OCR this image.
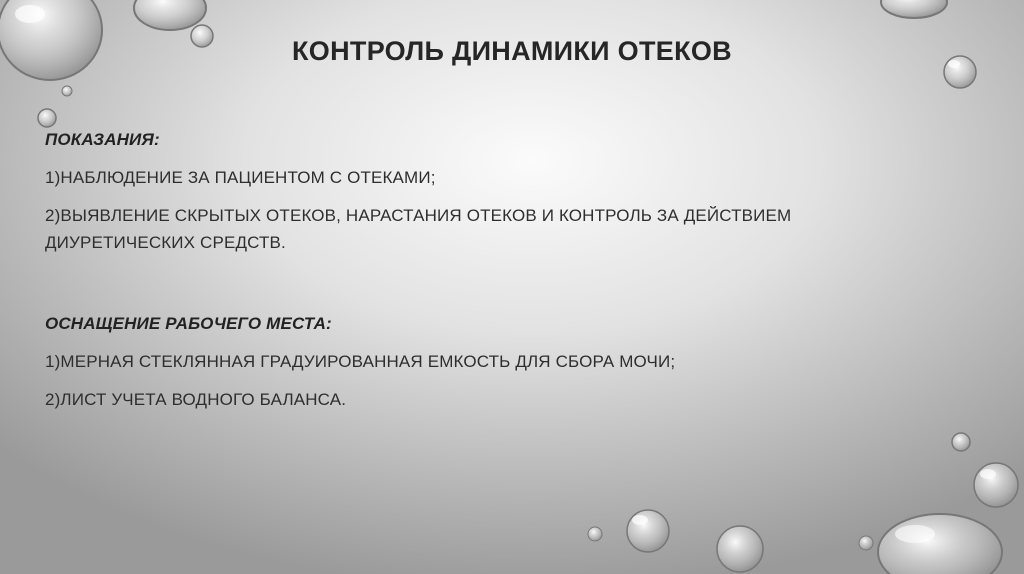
КОНТРОЛЬ ДИНАМИКИ ОТЕКОВ

ПОКАЗАНИЯ:

1)НАБЛЮДЕНИЕ ЗА ПАЦИЕНТОМ С ОТЕКАМИ;

2)ВЫЯВЛЕНИЕ СКРЫТЫХ ОТЕКОВ, НАРАСТАНИЯ ОТЕКОВ И КОНТРОЛЬ ЗА ДЕЙСТВИЕМ ДИУРЕТИЧЕСКИХ СРЕДСТВ.

ОСНАЩЕНИЕ РАБОЧЕГО МЕСТА:

1)МЕРНАЯ СТЕКЛЯННАЯ ГРАДУИРОВАННАЯ ЕМКОСТЬ ДЛЯ СБОРА МОЧИ;

2)ЛИСТ УЧЕТА ВОДНОГО БАЛАНСА.
